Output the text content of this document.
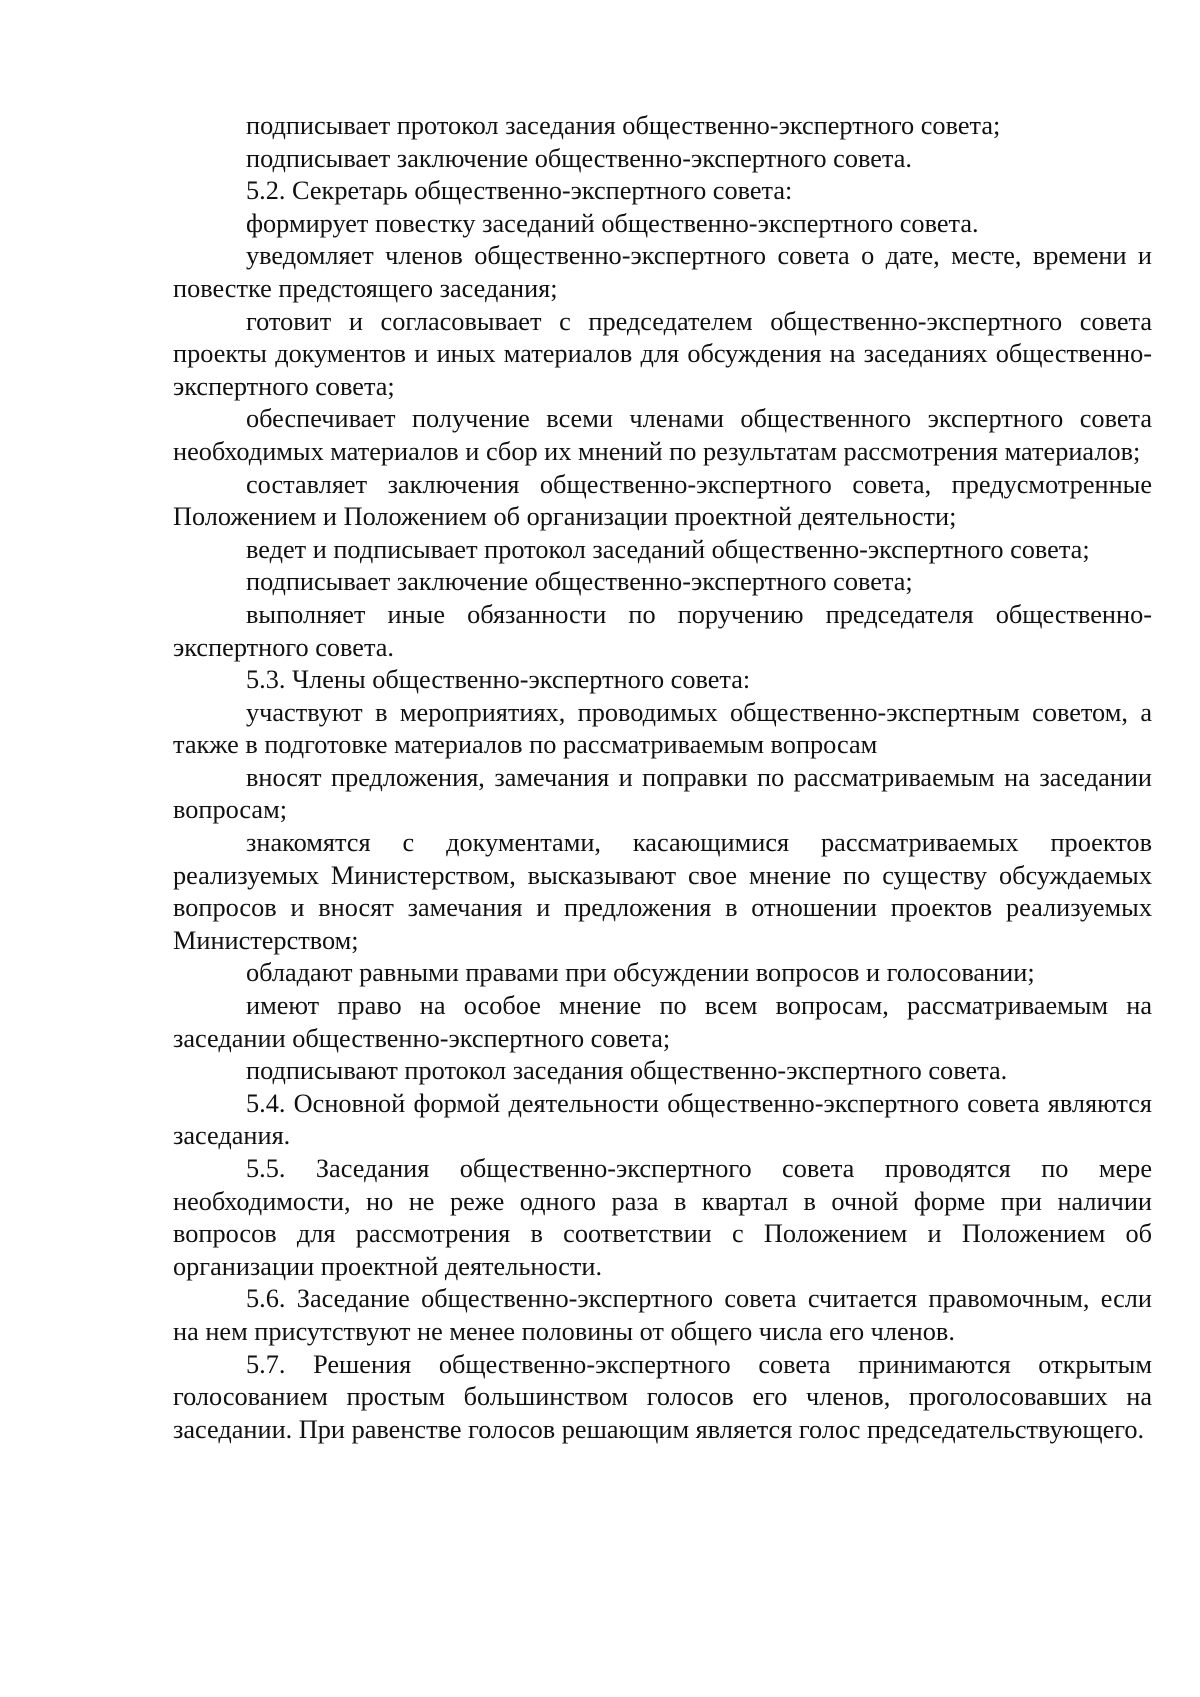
подписывает протокол заседания общественно-экспертного совета;

подписывает заключение общественно-экспертного совета.

5.2. Секретарь общественно-экспертного совета:

формирует повестку заседаний общественно-экспертного совета.

уведомляет членов общественно-экспертного совета о дате, месте, времени и повестке предстоящего заседания;

готовит и согласовывает с председателем общественно-экспертного совета проекты документов и иных материалов для обсуждения на заседаниях общественно-экспертного совета;

обеспечивает получение всеми членами общественного экспертного совета необходимых материалов и сбор их мнений по результатам рассмотрения материалов;

составляет заключения общественно-экспертного совета, предусмотренные Положением и Положением об организации проектной деятельности;

ведет и подписывает протокол заседаний общественно-экспертного совета;

подписывает заключение общественно-экспертного совета;

выполняет иные обязанности по поручению председателя общественно-экспертного совета.

5.3. Члены общественно-экспертного совета:

участвуют в мероприятиях, проводимых общественно-экспертным советом, а также в подготовке материалов по рассматриваемым вопросам

вносят предложения, замечания и поправки по рассматриваемым на заседании вопросам;

знакомятся с документами, касающимися рассматриваемых проектов реализуемых Министерством, высказывают свое мнение по существу обсуждаемых вопросов и вносят замечания и предложения в отношении проектов реализуемых Министерством;

обладают равными правами при обсуждении вопросов и голосовании;

имеют право на особое мнение по всем вопросам, рассматриваемым на заседании общественно-экспертного совета;

подписывают протокол заседания общественно-экспертного совета.

5.4. Основной формой деятельности общественно-экспертного совета являются заседания.

5.5. Заседания общественно-экспертного совета проводятся по мере необходимости, но не реже одного раза в квартал в очной форме при наличии вопросов для рассмотрения в соответствии с Положением и Положением об организации проектной деятельности.

5.6. Заседание общественно-экспертного совета считается правомочным, если на нем присутствуют не менее половины от общего числа его членов.

5.7. Решения общественно-экспертного совета принимаются открытым голосованием простым большинством голосов его членов, проголосовавших на заседании. При равенстве голосов решающим является голос председательствующего.
